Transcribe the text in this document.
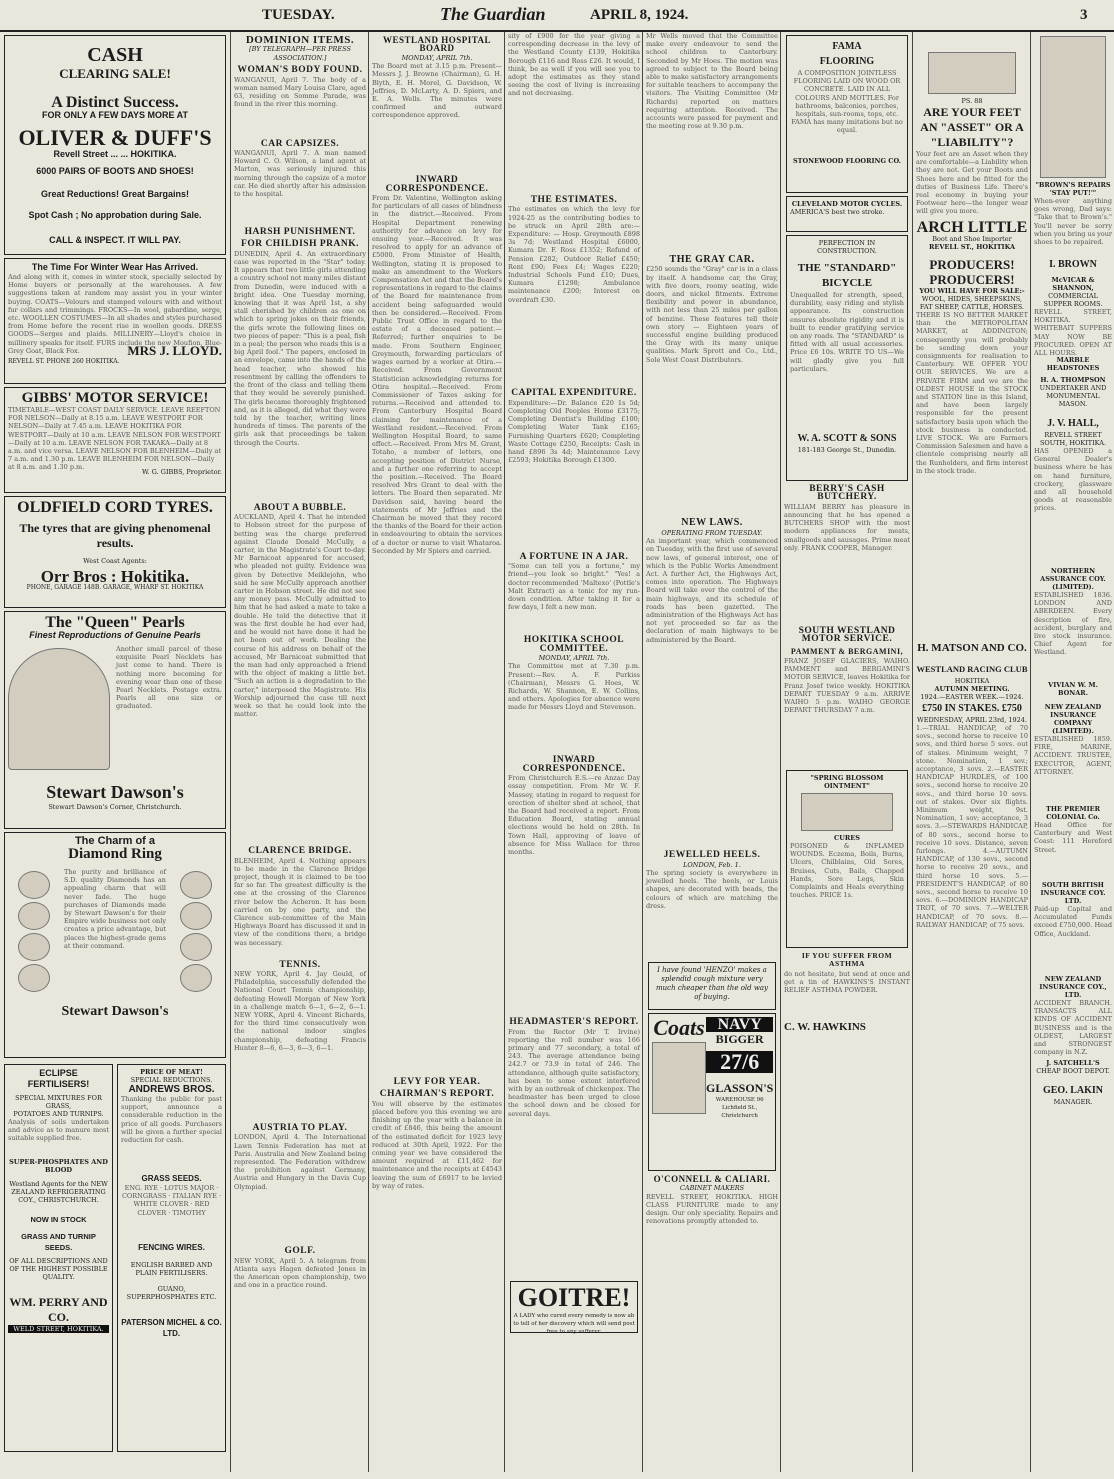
TUESDAY.	The Guardian	APRIL 8, 1924.	3
CASH
CLEARING SALE!
A Distinct Success.
FOR ONLY A FEW DAYS MORE AT
OLIVER & DUFF'S
Revell Street ... ... HOKITIKA.
6000 PAIRS OF BOOTS AND SHOES!
Great Reductions! Great Bargains!
Spot Cash ; No approbation during Sale.
CALL & INSPECT. IT WILL PAY.
The Time For Winter Wear Has Arrived.
And along with it, comes in winter stock, specially selected by Home buyers or personally at the warehouses. A few suggestions taken at random may assist you in your winter buying. COATS—Velours and stamped velours with and without fur collars and trimmings. FROCKS—In wool, gabardine, serge, etc. WOOLLEN COSTUMES—In all shades and styles purchased from Home before the recent rise in woollen goods. DRESS GOODS—Serges and plaids. MILLINERY—Lloyd's choice in millinery speaks for itself. FURS include the new Moufion, Blue-Grey Goat, Black Fox.	MRS J. LLOYD.
REVELL ST. PHONE 260 HOKITIKA.
GIBBS' MOTOR SERVICE!
TIMETABLE—WEST COAST DAILY SERVICE. LEAVE REEFTON FOR NELSON—Daily at 8.15 a.m. LEAVE WESTPORT FOR NELSON—Daily at 7.45 a.m. LEAVE HOKITIKA FOR WESTPORT—Daily at 10 a.m. LEAVE NELSON FOR WESTPORT—Daily at 10 a.m. LEAVE NELSON FOR TAKAKA—Daily at 8 a.m. and vice versa. LEAVE NELSON FOR BLENHEIM—Daily at 7 a.m. and 1.30 p.m. LEAVE BLENHEIM FOR NELSON—Daily at 8 a.m. and 1.30 p.m.
W. G. GIBBS, Proprietor.
OLDFIELD CORD TYRES.
The tyres that are giving phenomenal results.
West Coast Agents:
Orr Bros : Hokitika.
PHONE, GARAGE 148B. GARAGE, WHARF ST. HOKITIKA
The "Queen" Pearls
Finest Reproductions of Genuine Pearls
Another small parcel of these exquisite Pearl Necklets has just come to hand. There is nothing more becoming for evening wear than one of these Pearl Necklets. Postage extra. Pearls all one size or graduated.
Stewart Dawson's
Stewart Dawson's Corner, Christchurch.
The Charm of a
Diamond Ring
The purity and brilliance of S.D. quality Diamonds has an appealing charm that will never fade. The huge purchases of Diamonds made by Stewart Dawson's for their Empire wide business not only creates a price advantage, but places the highest-grade gems at their command.
Stewart Dawson's
ECLIPSE FERTILISERS!
SPECIAL MIXTURES FOR GRASS,
POTATOES AND TURNIPS.
Analysis of soils undertaken and advice as to manure most suitable supplied free.
SUPER-PHOSPHATES AND BLOOD
Westland Agents for the NEW ZEALAND REFRIGERATING COY., CHRISTCHURCH.
NOW IN STOCK
GRASS AND TURNIP SEEDS.
OF ALL DESCRIPTIONS AND OF THE HIGHEST POSSIBLE QUALITY.
WM. PERRY AND CO.
WELD STREET, HOKITIKA.
PRICE OF MEAT!
SPECIAL REDUCTIONS.
ANDREWS BROS.
Thanking the public for past support, announce a considerable reduction in the price of all goods. Purchasers will be given a further special reduction for cash.
GRASS SEEDS.
ENG. RYE · LOTUS MAJOR · CORNGRASS · ITALIAN RYE · WHITE CLOVER · RED CLOVER · TIMOTHY
FENCING WIRES.
ENGLISH BARBED AND PLAIN FERTILISERS.
GUANO, SUPERPHOSPHATES ETC.
PATERSON MICHEL & CO. LTD.
DOMINION ITEMS.
[BY TELEGRAPH—PER PRESS ASSOCIATION.]
WOMAN'S BODY FOUND.
WANGANUI, April 7. The body of a woman named Mary Louisa Clare, aged 63, residing on Somme Parade, was found in the river this morning.
CAR CAPSIZES.
WANGANUI, April 7. A man named Howard C. O. Wilson, a land agent at Marton, was seriously injured this morning through the capsize of a motor car. He died shortly after his admission to the hospital.
HARSH PUNISHMENT.
FOR CHILDISH PRANK.
DUNEDIN, April 4. An extraordinary case was reported in the "Star" today. It appears that two little girls attending a country school not many miles distant from Dunedin, were induced with a bright idea. One Tuesday morning, knowing that it was April 1st, a shy stall cherished by children as one on which to spring jokes on their friends, the girls wrote the following lines on two pieces of paper: "This is a peal, fish in a peal; the person who reads this is a big April fool." The papers, enclosed in an envelope, came into the hands of the head teacher, who showed his resentment by calling the offenders to the front of the class and telling them that they would be severely punished. The girls became thoroughly frightened and, as it is alleged, did what they were told by the teacher, writing lines hundreds of times. The parents of the girls ask that proceedings be taken through the Courts.
ABOUT A BUBBLE.
AUCKLAND, April 4. That he intended to Hobson street for the purpose of betting was the charge preferred against Claude Donald McCully, a carter, in the Magistrate's Court to-day. Mr Barnicoat appeared for accused, who pleaded not guilty. Evidence was given by Detective Meiklejohn, who said he saw McCully approach another carter in Hobson street. He did not see any money pass. McCully admitted to him that he had asked a mate to take a double. He told the detective that it was the first double he had ever had, and he would not have done it had he not been out of work. Dealing the course of his address on behalf of the accused, Mr Barnicoat submitted that the man had only approached a friend with the object of making a little bet. "Such an action is a degradation to the carter," interposed the Magistrate. His Worship adjourned the case till next week so that he could look into the matter.
CLARENCE BRIDGE.
BLENHEIM, April 4. Nothing appears to be made in the Clarence Bridge project, though it is claimed to be too far so far. The greatest difficulty is the one at the crossing of the Clarence river below the Acheron. It has been carried on by one party, and the Clarence sub-committee of the Main Highways Board has discussed it and in view of the conditions there, a bridge was necessary.
TENNIS.
NEW YORK, April 4. Jay Gould, of Philadelphia, successfully defended the National Court Tennis championship, defeating Howell Morgan of New York in a challenge match 6—1, 6—2, 6—1. NEW YORK, April 4. Vincent Richards, for the third time consecutively won the national indoor singles championship, defeating Francis Hunter 8—6, 6—3, 6—3, 6—1.
AUSTRIA TO PLAY.
LONDON, April 4. The International Lawn Tennis Federation has met at Paris. Australia and New Zealand being represented. The Federation withdrew the prohibition against Germany, Austria and Hungary in the Davis Cup Olympiad.
GOLF.
NEW YORK, April 5. A telegram from Atlanta says Hagen defeated Jones in the American open championship, two and one in a practice round.
WESTLAND HOSPITAL BOARD
MONDAY, APRIL 7th.
The Board met at 3.15 p.m. Present—Messrs J. J. Browne (Chairman), G. H. Blyth, E. H. Morel, G. Davidson, W. Jeffries, D. McLarty, A. D. Spiers, and E. A. Wells. The minutes were confirmed and outward correspondence approved.
INWARD CORRESPONDENCE.
From Dr. Valentine, Wellington asking for particulars of all cases of blindness in the district.—Received. From Hospital Department renewing authority for advance on levy for ensuing year.—Received. It was resolved to apply for an advance of £5000. From Minister of Health, Wellington, stating it is proposed to make an amendment to the Workers Compensation Act and that the Board's representations in regard to the claims of the Board for maintenance from accident being safeguarded would then be considered.—Received. From Public Trust Office in regard to the estate of a deceased patient.—Referred; further enquiries to be made. From Southern Engineer, Greymouth, forwarding particulars of wages earned by a worker at Otira.—Received. From Government Statistician acknowledging returns for Otira hospital.—Received. From Commissioner of Taxes asking for returns.—Received and attended to. From Canterbury Hospital Board claiming for maintenance of a Westland resident.—Received. From Wellington Hospital Board, to same effect.—Received. From Mrs M. Grant, Totaho, a number of letters, one accepting position of District Nurse, and a further one referring to accept the position.—Received. The Board resolved Mrs Grant to deal with the letters. The Board then separated. Mr Davidson said, having heard the statements of Mr Jeffries and the Chairman he moved that they record the thanks of the Board for their action in endeavouring to obtain the services of a doctor or nurse to visit Whataroa. Seconded by Mr Spiers and carried.
LEVY FOR YEAR.
CHAIRMAN'S REPORT.
You will observe by the estimates placed before you this evening we are finishing up the year with a balance in credit of £846, this being the amount of the estimated deficit for 1923 levy reduced at 30th April, 1922. For the coming year we have considered the amount required at £11,462 for maintenance and the receipts at £4543 leaving the sum of £6917 to be levied by way of rates.
sity of £900 for the year giving a corresponding decrease in the levy of the Westland County £139, Hokitika Borough £116 and Ross £26. It would, I think, be as well if you will see you to adopt the estimates as they stand seeing the cost of living is increasing and not decreasing.
THE ESTIMATES.
The estimates on which the levy for 1924-25 as the contributing bodies to be struck on April 28th are:— Expenditure: — Hosp. Greymouth £898 3s 7d; Westland Hospital £6000, Kumara Dr. F. Ross £1352; Refund of Pension £282; Outdoor Relief £450; Rent £90; Fees £4; Wages £220; Industrial Schools Fund £10; Dues, Kumara £1298; Ambulance maintenance £200; Interest on overdraft £30.
CAPITAL EXPENDITURE.
Expenditure:—Dr. Balance £20 1s 5d; Completing Old Peoples Home £3175; Completing Dentist's Building £100; Completing Water Tank £165; Furnishing Quarters £620; Completing Waste Cottage £250, Receipts: Cash in hand £896 3s 4d; Maintenance Levy £2593; Hokitika Borough £1300.
A FORTUNE IN A JAR.
"Some can tell you a fortune," my friend—you look so bright." "Yes! a doctor recommended 'Maltexo' (Pottle's Malt Extract) as a tonic for my run-down condition. After taking it for a few days, I felt a new man.
HOKITIKA SCHOOL COMMITTEE.
MONDAY, APRIL 7th.
The Committee met at 7.30 p.m. Present:—Rev. A. F. Purkiss (Chairman), Messrs G. Hoes, W. Richards, W. Shannon, E. W. Collins, and others. Apologies for absence were made for Messrs Lloyd and Stevenson.
INWARD CORRESPONDENCE.
From Christchurch E.S.—re Anzac Day essay competition. From Mr W. F. Massey, stating in regard to request for erection of shelter shed at school, that the Board had received a report. From Education Board, stating annual elections would be held on 28th. In Town Hall, approving of leave of absence for Miss Wallace for three months.
HEADMASTER'S REPORT.
From the Rector (Mr T. Irvine) reporting the roll number was 166 primary and 77 secondary, a total of 243. The average attendance being 242.7 or 73.9 in total of 246. The attendance, although quite satisfactory, has been to some extent interfered with by an outbreak of chickenpox. The headmaster has been urged to close the school down and be closed for several days.
GOITRE!
A LADY who cured every remedy is now ab to tell of her discovery which will send post free to any sufferer.
Mr Wells moved that the Committee make every endeavour to send the school children to Canterbury. Seconded by Mr Hoes. The motion was agreed to subject to the Board being able to make satisfactory arrangements for suitable teachers to accompany the visitors. The Visiting Committee (Mr Richards) reported on matters requiring attention. Received. The accounts were passed for payment and the meeting rose at 9.30 p.m.
THE GRAY CAR.
£250 sounds the "Gray" car is in a class by itself. A handsome car, the Gray, with five doors, roomy seating, wide doors, and nickel fitments. Extreme flexibility and power in abundance, with not less than 25 miles per gallon of benzine. These features tell their own story — Eighteen years of successful engine building produced the Gray with its many unique qualities. Mark Sprott and Co., Ltd., Sole West Coast Distributors.
NEW LAWS.
OPERATING FROM TUESDAY.
An important year, which commenced on Tuesday, with the first use of several new laws, of general interest, one of which is the Public Works Amendment Act. A further Act, the Highways Act, comes into operation. The Highways Board will take over the control of the main highways, and its schedule of roads has been gazetted. The administration of the Highways Act has not yet proceeded so far as the declaration of main highways to be administered by the Board.
JEWELLED HEELS.
LONDON, Feb. 1.
The spring society is everywhere in jewelled heels. The heels, or Louis shapes, are decorated with beads, the colours of which are matching the dress.
I have found 'HENZO' makes a splendid cough mixture very much cheaper than the old way of buying.
Coats NAVY
BIGGER
27/6
GLASSON'S
WAREHOUSE 96 Lichfield St., Christchurch
O'CONNELL & CALIARI.
CABINET MAKERS
REVELL STREET, HOKITIKA. HIGH CLASS FURNITURE made to any design. Our only speciality. Repairs and renovations promptly attended to.
FAMA
FLOORING
A COMPOSITION JOINTLESS FLOORING LAID ON WOOD OR CONCRETE. LAID IN ALL COLOURS AND MOTTLES. For bathrooms, balconies, porches, hospitals, sun-rooms, tops, etc. FAMA has many imitations but no equal.
STONEWOOD FLOORING CO.
CLEVELAND MOTOR CYCLES.
AMERICA'S best two stroke.
PERFECTION IN CONSTRUCTION.
THE "STANDARD"
BICYCLE
Unequalled for strength, speed, durability, easy riding and stylish appearance. Its construction ensures absolute rigidity and it is built to render gratifying service on any roads. The "STANDARD" is fitted with all usual accessories. Price £6 10s. WRITE TO US—We will gladly give you full particulars.
W. A. SCOTT & SONS
181-183 George St., Dunedin.
BERRY'S CASH BUTCHERY.
WILLIAM BERRY has pleasure in announcing that he has opened a BUTCHERS SHOP with the most modern appliances for meats, smallgoods and sausages. Prime meat only. FRANK COOPER, Manager.
SOUTH WESTLAND MOTOR SERVICE.
PAMMENT & BERGAMINI,
FRANZ JOSEF GLACIERS, WAIHO. PAMMENT and BERGAMINI'S MOTOR SERVICE, leaves Hokitika for Franz Josef twice weekly. HOKITIKA DEPART TUESDAY 9 a.m. ARRIVE WAIHO 5 p.m. WAIHO GEORGE DEPART THURSDAY 7 a.m.
"SPRING BLOSSOM OINTMENT"
CURES
POISONED & INFLAMED WOUNDS. Eczema, Boils, Burns, Ulcers, Chilblains, Old Sores, Bruises, Cuts, Bails, Chapped Hands, Sore Legs, Skin Complaints and Heals everything touches. PRICE 1s.
IF YOU SUFFER FROM ASTHMA
do not hesitate, but send at once and get a tin of HAWKINS'S INSTANT RELIEF ASTHMA POWDER.
C. W. HAWKINS
PS. 88
ARE YOUR FEET
AN "ASSET" OR A
"LIABILITY"?
Your feet are an Asset when they are comfortable—a Liability when they are not. Get your Boots and Shoes here and be fitted for the duties of Business Life. There's real economy in buying your Footwear here—the longer wear will give you more.
ARCH LITTLE
Boot and Shoe Importer
REVELL ST., HOKITIKA
PRODUCERS! PRODUCERS!
YOU WILL HAVE FOR SALE:-
WOOL, HIDES, SHEEPSKINS, FAT SHEEP, CATTLE, HORSES.
THERE IS NO BETTER MARKET than the METROPOLITAN MARKET, at ADDINGTON; consequently you will probably be sending down your consignments for realisation to Canterbury. WE OFFER YOU OUR SERVICES. We are a PRIVATE FIRM and we are the OLDEST HOUSE in the STOCK and STATION line in this Island, and have been largely responsible for the present satisfactory basis upon which the stock business is conducted. LIVE STOCK. We are Farmers Commission Salesmen and have a clientele comprising nearly all the Runholders, and firm interest in the stock trade.
H. MATSON AND CO.
WESTLAND RACING CLUB
HOKITIKA
AUTUMN MEETING.
1924.—EASTER WEEK.—1924.
£750 IN STAKES. £750
WEDNESDAY, APRIL 23rd, 1924.
1.—TRIAL HANDICAP, of 70 sovs., second horse to receive 10 sovs, and third horse 5 sovs. out of stakes. Minimum weight, 7 stone. Nomination, 1 sov.; acceptance, 3 sovs. 2.—EASTER HANDICAP HURDLES, of 100 sovs., second horse to receive 20 sovs., and third horse 10 sovs. out of stakes. Over six flights. Minimum weight, 9st. Nomination, 1 sov; acceptance, 3 sovs. 3.—STEWARDS HANDICAP, of 80 sovs., second horse to receive 10 sovs. Distance, seven furlongs. 4.—AUTUMN HANDICAP, of 130 sovs., second horse to receive 20 sovs., and third horse 10 sovs. 5.—PRESIDENT'S HANDICAP, of 80 sovs., second horse to receive 10 sovs. 6.—DOMINION HANDICAP TROT, of 70 sovs. 7.—WELTER HANDICAP, of 70 sovs. 8.—RAILWAY HANDICAP, of 75 sovs.
"BROWN'S REPAIRS 'STAY PUT!'"
When-ever anything goes wrong, Dad says: "Take that to Brown's." You'll never be sorry when you bring us your shoes to be repaired.
I. BROWN
McVICAR & SHANNON,
COMMERCIAL SUPPER ROOMS.
REVELL STREET, HOKITIKA. WHITEBAIT SUPPERS MAY NOW BE PROCURED. OPEN AT ALL HOURS.
MARBLE HEADSTONES
H. A. THOMPSON
UNDERTAKER AND MONUMENTAL MASON.
J. V. HALL,
REVELL STREET SOUTH, HOKITIKA.
HAS OPENED a General Dealer's business where he has on hand furniture, crockery, glassware and all household goods at reasonable prices.
NORTHERN ASSURANCE COY. (LIMITED).
ESTABLISHED 1836. LONDON AND ABERDEEN. Every description of fire, accident, burglary and live stock insurance. Chief Agent for Westland.
VIVIAN W. M. BONAR.
NEW ZEALAND INSURANCE COMPANY (LIMITED).
ESTABLISHED 1859. FIRE, MARINE, ACCIDENT. TRUSTEE, EXECUTOR, AGENT, ATTORNEY.
THE PREMIER COLONIAL Co.
Head Office for Canterbury and West Coast: 111 Hereford Street.
SOUTH BRITISH INSURANCE COY. LTD.
Paid-up Capital and Accumulated Funds exceed £750,000. Head Office, Auckland.
NEW ZEALAND INSURANCE COY., LTD.
ACCIDENT BRANCH. TRANSACTS ALL KINDS OF ACCIDENT BUSINESS and is the OLDEST, LARGEST and STRONGEST company in N.Z.
J. SATCHELL'S
CHEAP BOOT DEPOT.
GEO. LAKIN
MANAGER.
